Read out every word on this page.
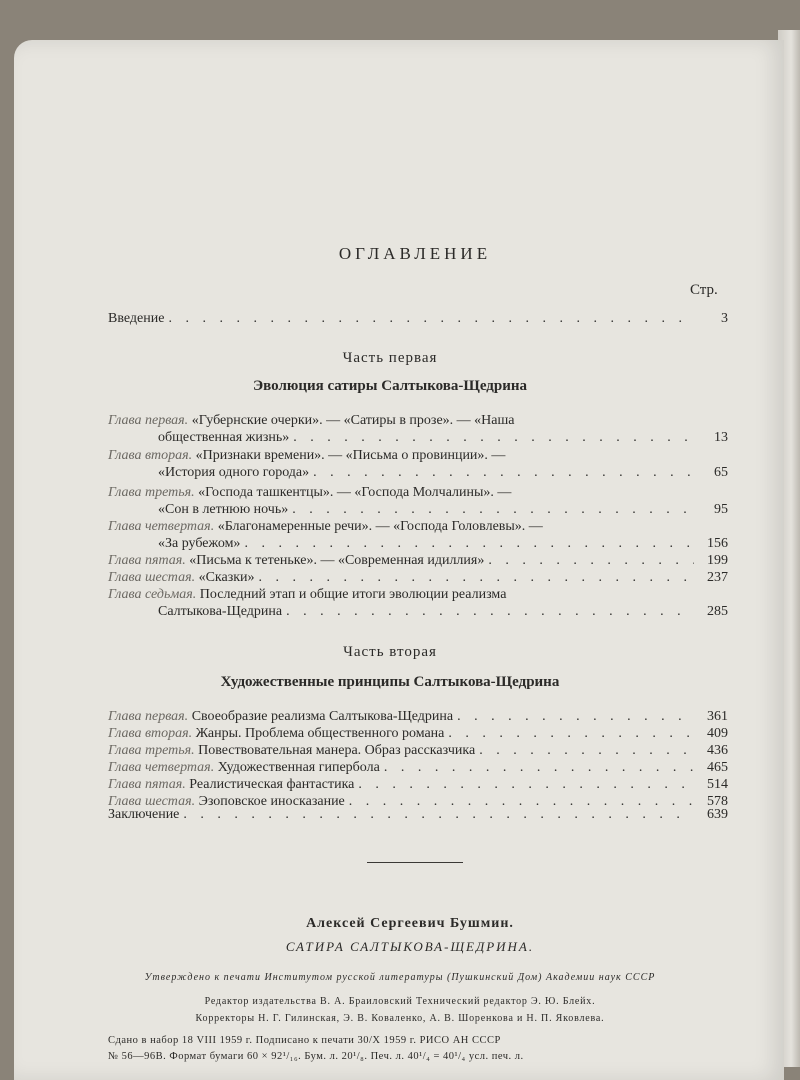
ОГЛАВЛЕНИЕ
Стр.
Введение . . .	3
Часть первая
Эволюция сатиры Салтыкова-Щедрина
Глава первая. «Губернские очерки». — «Сатиры в прозе». — «Наша
общественная жизнь» . . .	13
Глава вторая. «Признаки времени». — «Письма о провинции». —
«История одного города» . . .	65
Глава третья. «Господа ташкентцы». — «Господа Молчалины». —
«Сон в летнюю ночь» . . .	95
Глава четвертая. «Благонамеренные речи». — «Господа Головлевы». —
«За рубежом» . . .	156
Глава пятая. «Письма к тетеньке». — «Современная идиллия» . . .	199
Глава шестая. «Сказки» . . .	237
Глава седьмая. Последний этап и общие итоги эволюции реализма
Салтыкова-Щедрина . . .	285
Часть вторая
Художественные принципы Салтыкова-Щедрина
Глава первая. Своеобразие реализма Салтыкова-Щедрина . . .	361
Глава вторая. Жанры. Проблема общественного романа . . .	409
Глава третья. Повествовательная манера. Образ рассказчика . . .	436
Глава четвертая. Художественная гипербола . . .	465
Глава пятая. Реалистическая фантастика . . .	514
Глава шестая. Эзоповское иносказание . . .	578
Заключение . . .	639
Алексей Сергеевич Бушмин.
САТИРА САЛТЫКОВА-ЩЕДРИНА.
Утверждено к печати Институтом русской литературы (Пушкинский Дом) Академии наук СССР
Редактор издательства В. А. Браиловский Технический редактор Э. Ю. Блейх.
Корректоры Н. Г. Гилинская, Э. В. Коваленко, А. В. Шоренкова и Н. П. Яковлева.
Сдано в набор 18 VIII 1959 г. Подписано к печати 30/X 1959 г. РИСО АН СССР
№ 56—96В. Формат бумаги 60 × 92¹/₁₆. Бум. л. 20¹/₈. Печ. л. 40¹/₄ = 40¹/₄ усл. печ. л.
